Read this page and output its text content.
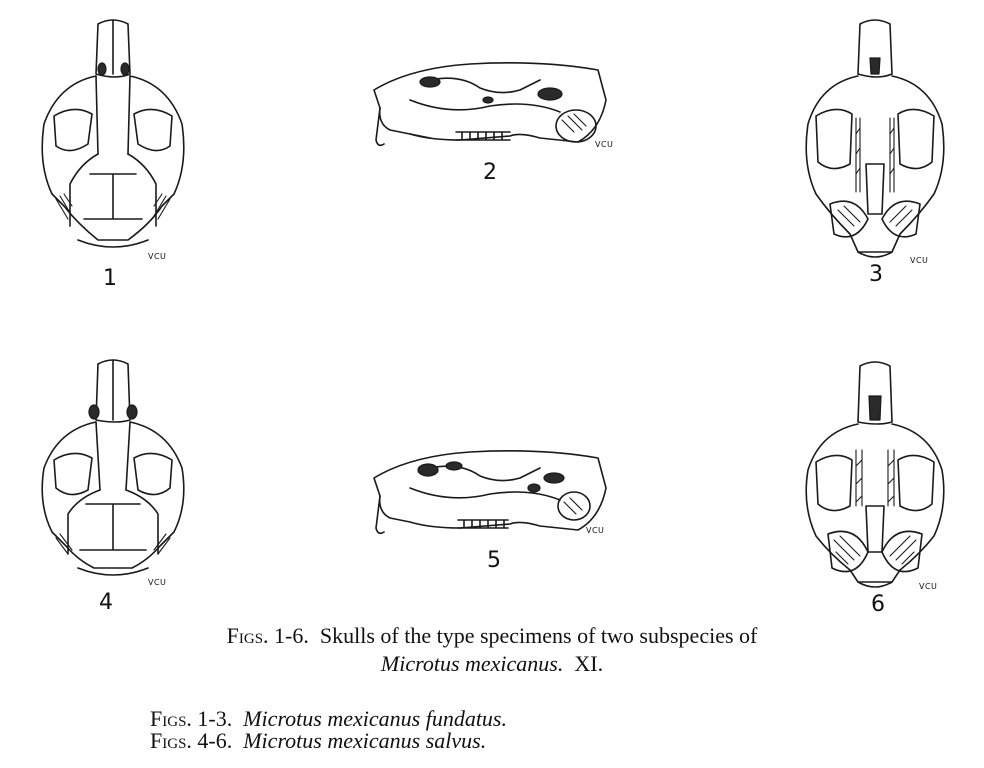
1
VCU
2
VCU
3
VCU
4
VCU
5
VCU
6
VCU
Figs. 1-6. Skulls of the type specimens of two subspecies of
Microtus mexicanus. XI.
Figs. 1-3. Microtus mexicanus fundatus.
Figs. 4-6. Microtus mexicanus salvus.
